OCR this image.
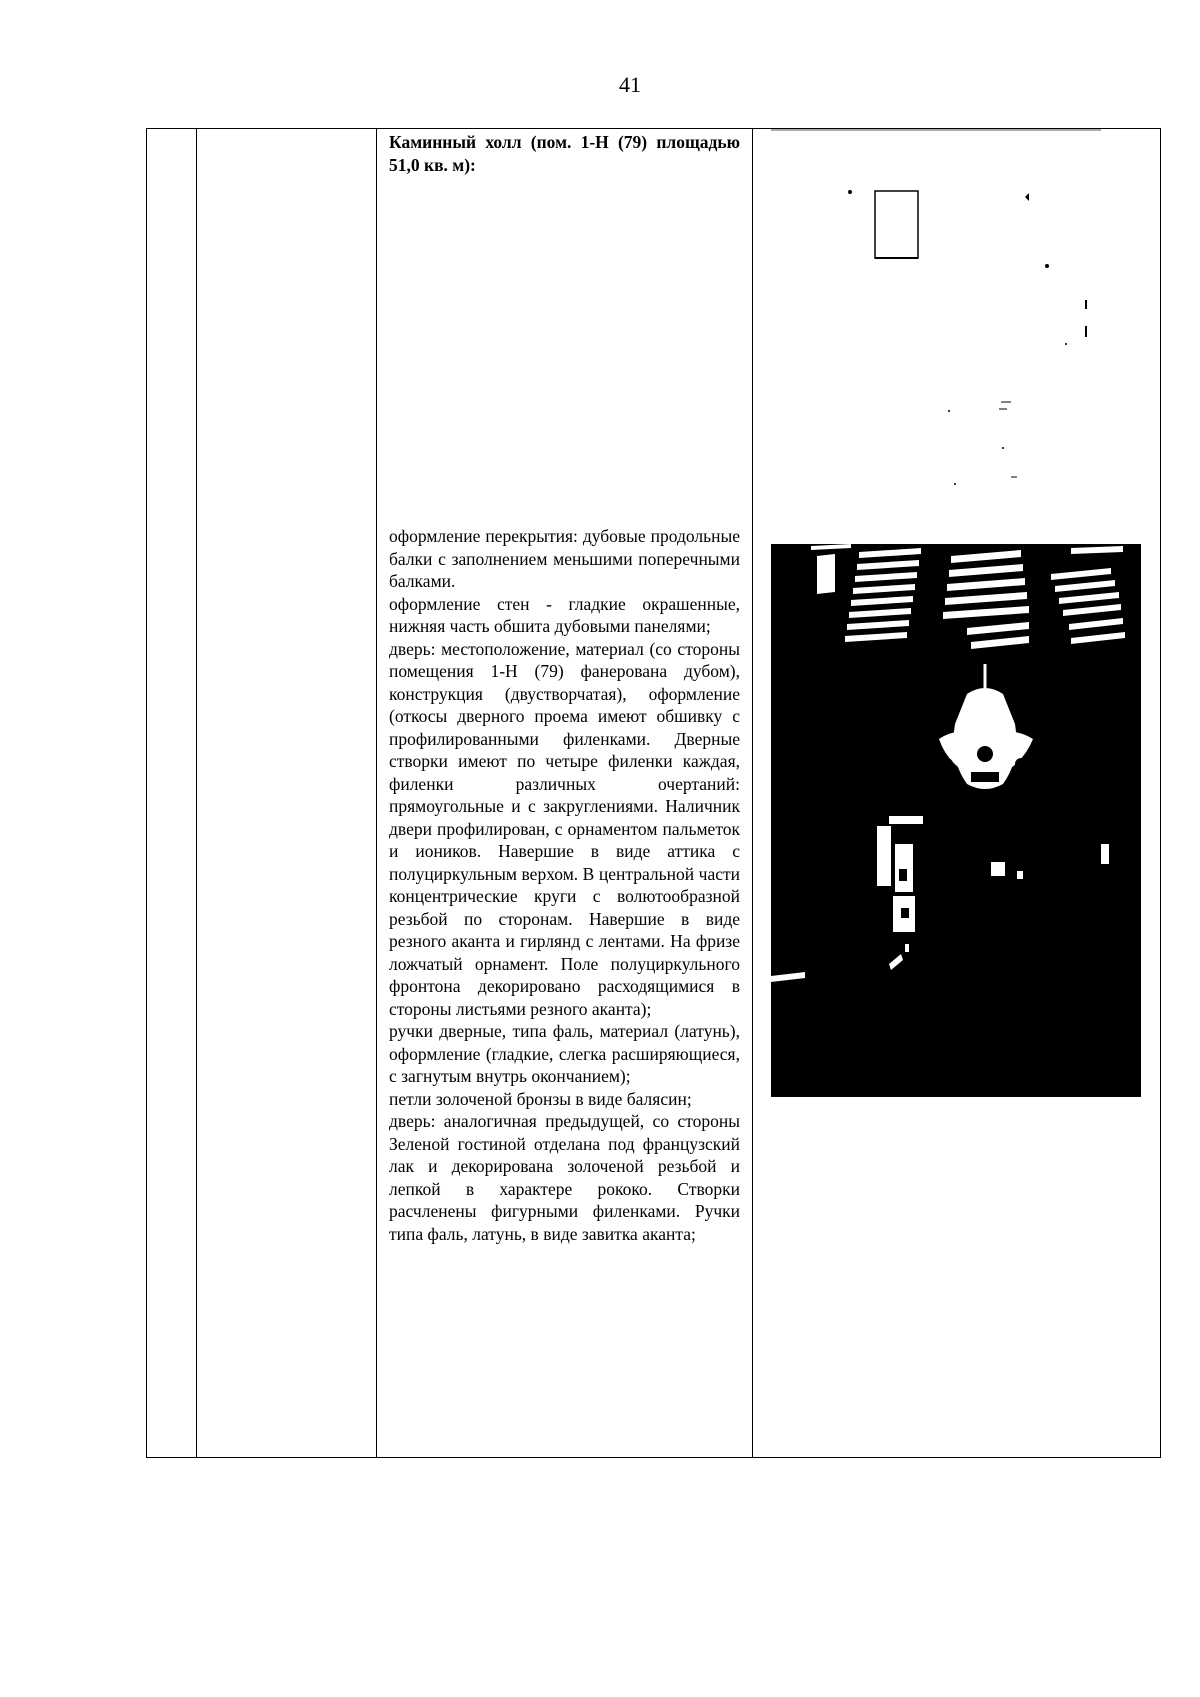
41

Каминный холл (пом. 1-Н (79) площадью 51,0 кв. м):

оформление перекрытия: дубовые продольные балки с заполнением меньшими поперечными балками.

оформление стен - гладкие окрашенные, нижняя часть обшита дубовыми панелями;

дверь: местоположение, материал (со стороны помещения 1-Н (79) фанерована дубом), конструкция (двустворчатая), оформление (откосы дверного проема имеют обшивку с профилированными филенками. Дверные створки имеют по четыре филенки каждая, филенки различных очертаний: прямоугольные и с закруглениями. Наличник двери профилирован, с орнаментом пальметок и иоников. Навершие в виде аттика с полуциркульным верхом. В центральной части концентрические круги с волютообразной резьбой по сторонам. Навершие в виде резного аканта и гирлянд с лентами. На фризе ложчатый орнамент. Поле полуциркульного фронтона декорировано расходящимися в стороны листьями резного аканта);

ручки дверные, типа фаль, материал (латунь), оформление (гладкие, слегка расширяющиеся, с загнутым внутрь окончанием);

петли золоченой бронзы в виде балясин;

дверь: аналогичная предыдущей, со стороны Зеленой гостиной отделана под французский лак и декорирована золоченой резьбой и лепкой в характере рококо. Створки расчленены фигурными филенками. Ручки типа фаль, латунь, в виде завитка аканта;
